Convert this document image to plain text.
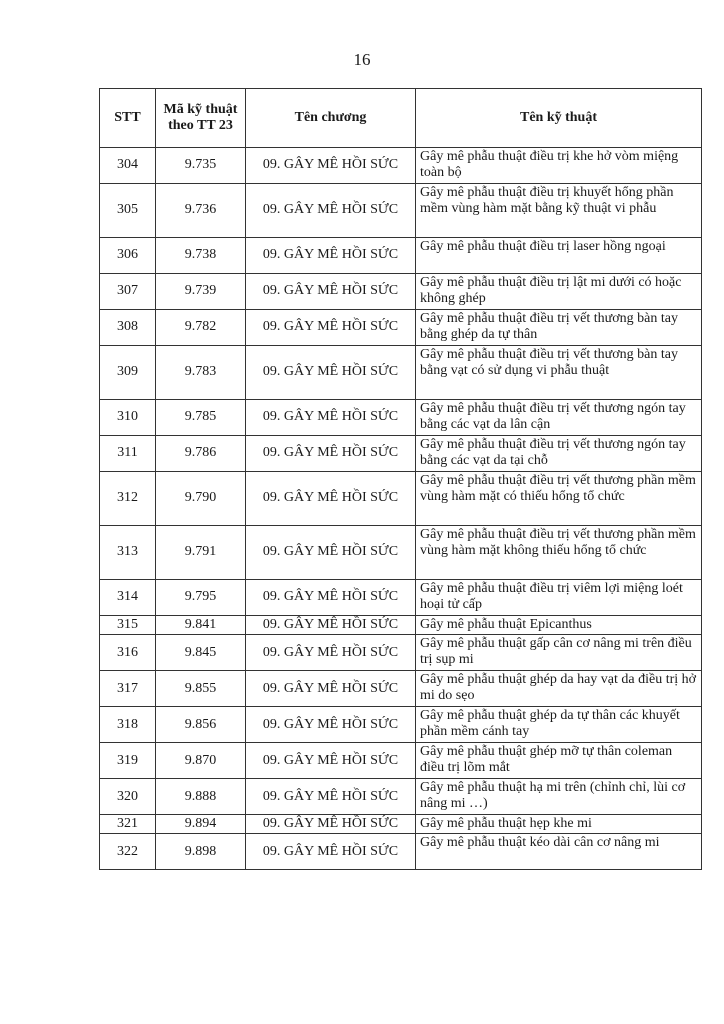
16
STT	Mã kỹ thuật theo TT 23	Tên chương	Tên kỹ thuật
304	9.735	09. GÂY MÊ HỒI SỨC	Gây mê phẫu thuật điều trị khe hở vòm miệng toàn bộ
305	9.736	09. GÂY MÊ HỒI SỨC	Gây mê phẫu thuật điều trị khuyết hổng phần mềm vùng hàm mặt bằng kỹ thuật vi phẫu
306	9.738	09. GÂY MÊ HỒI SỨC	Gây mê phẫu thuật điều trị laser hồng ngoại
307	9.739	09. GÂY MÊ HỒI SỨC	Gây mê phẫu thuật điều trị lật mi dưới có hoặc không ghép
308	9.782	09. GÂY MÊ HỒI SỨC	Gây mê phẫu thuật điều trị vết thương bàn tay bằng ghép da tự thân
309	9.783	09. GÂY MÊ HỒI SỨC	Gây mê phẫu thuật điều trị vết thương bàn tay bằng vạt có sử dụng vi phẫu thuật
310	9.785	09. GÂY MÊ HỒI SỨC	Gây mê phẫu thuật điều trị vết thương ngón tay bằng các vạt da lân cận
311	9.786	09. GÂY MÊ HỒI SỨC	Gây mê phẫu thuật điều trị vết thương ngón tay bằng các vạt da tại chỗ
312	9.790	09. GÂY MÊ HỒI SỨC	Gây mê phẫu thuật điều trị vết thương phần mềm vùng hàm mặt có thiếu hổng tổ chức
313	9.791	09. GÂY MÊ HỒI SỨC	Gây mê phẫu thuật điều trị vết thương phần mềm vùng hàm mặt không thiếu hổng tổ chức
314	9.795	09. GÂY MÊ HỒI SỨC	Gây mê phẫu thuật điều trị viêm lợi miệng loét hoại tử cấp
315	9.841	09. GÂY MÊ HỒI SỨC	Gây mê phẫu thuật Epicanthus
316	9.845	09. GÂY MÊ HỒI SỨC	Gây mê phẫu thuật gấp cân cơ nâng mi trên điều trị sụp mi
317	9.855	09. GÂY MÊ HỒI SỨC	Gây mê phẫu thuật ghép da hay vạt da điều trị hở mi do sẹo
318	9.856	09. GÂY MÊ HỒI SỨC	Gây mê phẫu thuật ghép da tự thân các khuyết phần mềm cánh tay
319	9.870	09. GÂY MÊ HỒI SỨC	Gây mê phẫu thuật ghép mỡ tự thân coleman điều trị lõm mắt
320	9.888	09. GÂY MÊ HỒI SỨC	Gây mê phẫu thuật hạ mi trên (chỉnh chỉ, lùi cơ nâng mi …)
321	9.894	09. GÂY MÊ HỒI SỨC	Gây mê phẫu thuật hẹp khe mi
322	9.898	09. GÂY MÊ HỒI SỨC	Gây mê phẫu thuật kéo dài cân cơ nâng mi
